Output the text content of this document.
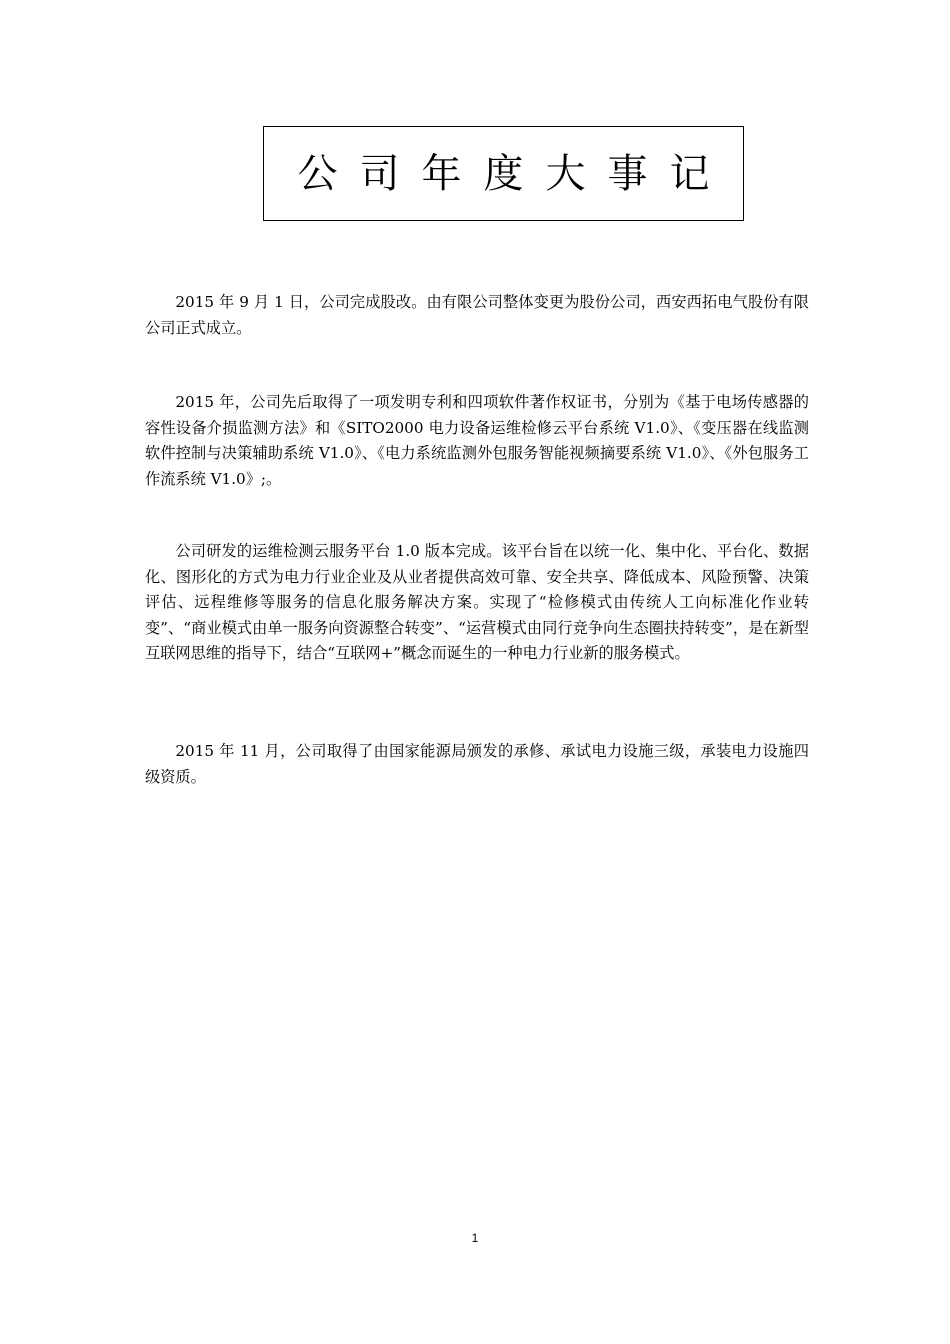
公司年度大事记

2015 年 9 月 1 日，公司完成股改。由有限公司整体变更为股份公司，西安西拓电气股份有限公司正式成立。

2015 年，公司先后取得了一项发明专利和四项软件著作权证书，分别为《基于电场传感器的容性设备介损监测方法》和《SITO2000 电力设备运维检修云平台系统 V1.0》、《变压器在线监测软件控制与决策辅助系统 V1.0》、《电力系统监测外包服务智能视频摘要系统 V1.0》、《外包服务工作流系统 V1.0》;。

公司研发的运维检测云服务平台 1.0 版本完成。该平台旨在以统一化、集中化、平台化、数据化、图形化的方式为电力行业企业及从业者提供高效可靠、安全共享、降低成本、风险预警、决策评估、远程维修等服务的信息化服务解决方案。实现了“检修模式由传统人工向标准化作业转变”、“商业模式由单一服务向资源整合转变”、“运营模式由同行竞争向生态圈扶持转变”，是在新型互联网思维的指导下，结合“互联网+”概念而诞生的一种电力行业新的服务模式。

2015 年 11 月，公司取得了由国家能源局颁发的承修、承试电力设施三级，承装电力设施四级资质。

1
